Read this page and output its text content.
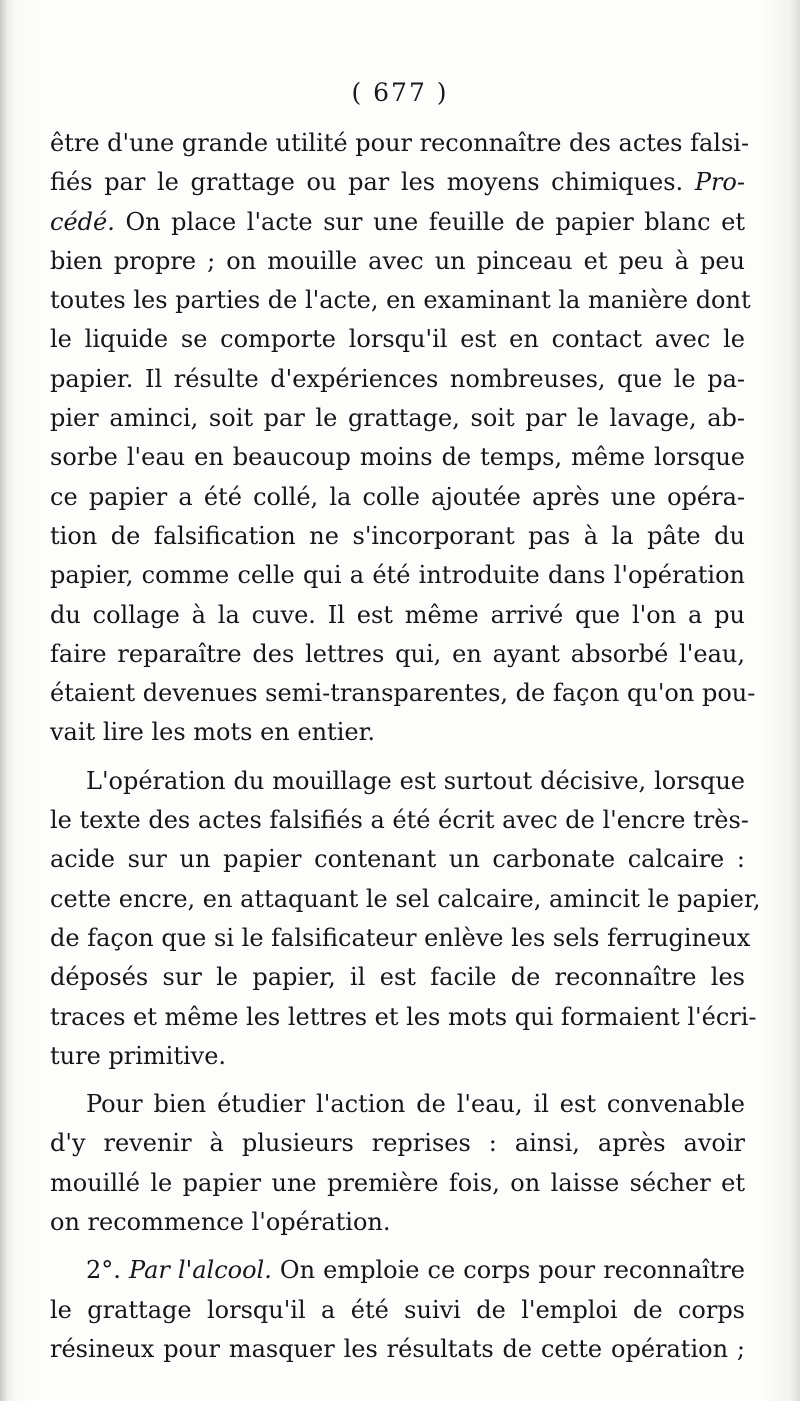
( 677 )
être d'une grande utilité pour reconnaître des actes falsi-
fiés par le grattage ou par les moyens chimiques. Pro-
cédé. On place l'acte sur une feuille de papier blanc et
bien propre ; on mouille avec un pinceau et peu à peu
toutes les parties de l'acte, en examinant la manière dont
le liquide se comporte lorsqu'il est en contact avec le
papier. Il résulte d'expériences nombreuses, que le pa-
pier aminci, soit par le grattage, soit par le lavage, ab-
sorbe l'eau en beaucoup moins de temps, même lorsque
ce papier a été collé, la colle ajoutée après une opéra-
tion de falsification ne s'incorporant pas à la pâte du
papier, comme celle qui a été introduite dans l'opération
du collage à la cuve. Il est même arrivé que l'on a pu
faire reparaître des lettres qui, en ayant absorbé l'eau,
étaient devenues semi-transparentes, de façon qu'on pou-
vait lire les mots en entier.
L'opération du mouillage est surtout décisive, lorsque
le texte des actes falsifiés a été écrit avec de l'encre très-
acide sur un papier contenant un carbonate calcaire :
cette encre, en attaquant le sel calcaire, amincit le papier,
de façon que si le falsificateur enlève les sels ferrugineux
déposés sur le papier, il est facile de reconnaître les
traces et même les lettres et les mots qui formaient l'écri-
ture primitive.
Pour bien étudier l'action de l'eau, il est convenable
d'y revenir à plusieurs reprises : ainsi, après avoir
mouillé le papier une première fois, on laisse sécher et
on recommence l'opération.
2°. Par l'alcool. On emploie ce corps pour reconnaître
le grattage lorsqu'il a été suivi de l'emploi de corps
résineux pour masquer les résultats de cette opération ;
